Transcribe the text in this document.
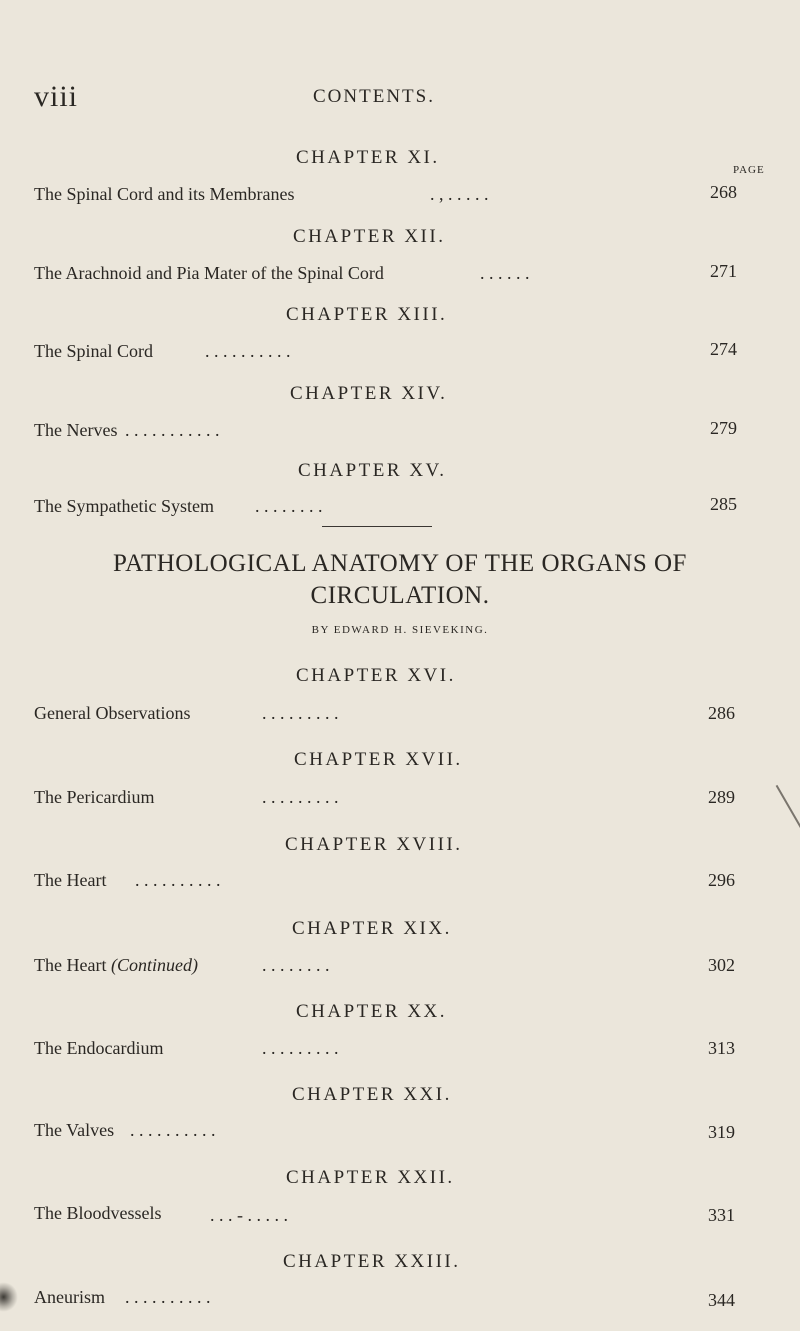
viii	CONTENTS.
PAGE
CHAPTER XI.
The Spinal Cord and its Membranes	. , . . . . .	268
CHAPTER XII.
The Arachnoid and Pia Mater of the Spinal Cord	. . . . . .	271
CHAPTER XIII.
The Spinal Cord	. . . . . . . . . .	274
CHAPTER XIV.
The Nerves . . . . . . . . . . .	279
CHAPTER XV.
The Sympathetic System . . . . . . . .	285
PATHOLOGICAL ANATOMY OF THE ORGANS OF
CIRCULATION.
BY EDWARD H. SIEVEKING.
CHAPTER XVI.
General Observations	. . . . . . . . .	286
CHAPTER XVII.
The Pericardium	. . . . . . . . .	289
CHAPTER XVIII.
The Heart . . . . . . . . . .	296
CHAPTER XIX.
The Heart (Continued)	. . . . . . . .	302
CHAPTER XX.
The Endocardium	. . . . . . . . .	313
CHAPTER XXI.
The Valves . . . . . . . . . .	319
CHAPTER XXII.
The Bloodvessels	. . . - . . . . .	331
CHAPTER XXIII.
Aneurism . . . . . . . . . .	344
